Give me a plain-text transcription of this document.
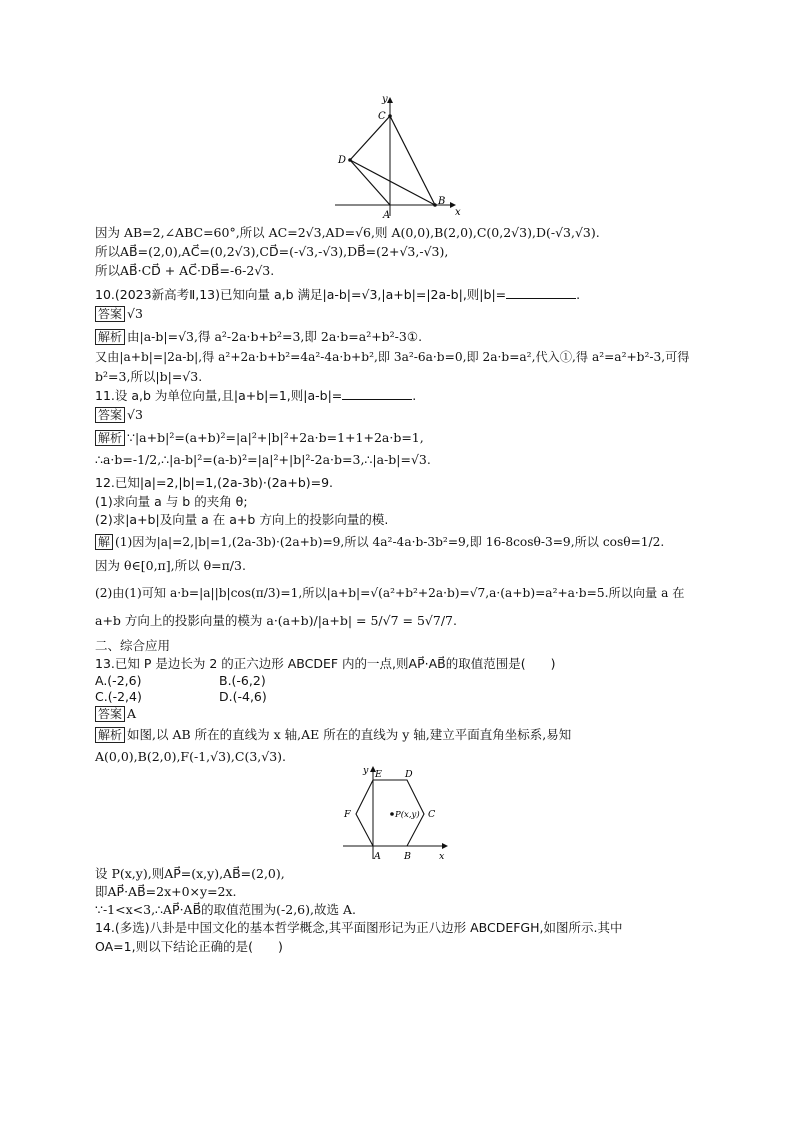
y
x
C
D
A
B
因为 AB=2,∠ABC=60°,所以 AC=2√3,AD=√6,则 A(0,0),B(2,0),C(0,2√3),D(-√3,√3).
所以AB⃗=(2,0),AC⃗=(0,2√3),CD⃗=(-√3,-√3),DB⃗=(2+√3,-√3),
所以AB⃗·CD⃗ + AC⃗·DB⃗=-6-2√3.
10.(2023新高考Ⅱ,13)已知向量 a,b 满足|a-b|=√3,|a+b|=|2a-b|,则|b|=	.
答案 √3
解析 由|a-b|=√3,得 a²-2a·b+b²=3,即 2a·b=a²+b²-3①.
又由|a+b|=|2a-b|,得 a²+2a·b+b²=4a²-4a·b+b²,即 3a²-6a·b=0,即 2a·b=a²,代入①,得 a²=a²+b²-3,可得
b²=3,所以|b|=√3.
11.设 a,b 为单位向量,且|a+b|=1,则|a-b|=	.
答案 √3
解析 ∵|a+b|²=(a+b)²=|a|²+|b|²+2a·b=1+1+2a·b=1,
∴a·b=-1/2,∴|a-b|²=(a-b)²=|a|²+|b|²-2a·b=3,∴|a-b|=√3.
12.已知|a|=2,|b|=1,(2a-3b)·(2a+b)=9.
(1)求向量 a 与 b 的夹角 θ;
(2)求|a+b|及向量 a 在 a+b 方向上的投影向量的模.
解 (1)因为|a|=2,|b|=1,(2a-3b)·(2a+b)=9,所以 4a²-4a·b-3b²=9,即 16-8cosθ-3=9,所以 cosθ=1/2.
因为 θ∈[0,π],所以 θ=π/3.
(2)由(1)可知 a·b=|a||b|cos(π/3)=1,所以|a+b|=√(a²+b²+2a·b)=√7,a·(a+b)=a²+a·b=5.所以向量 a 在
a+b 方向上的投影向量的模为 a·(a+b)/|a+b| = 5/√7 = 5√7/7.
二、综合应用
13.已知 P 是边长为 2 的正六边形 ABCDEF 内的一点,则AP⃗·AB⃗的取值范围是(　　)
A.(-2,6)	B.(-6,2)
C.(-2,4)	D.(-4,6)
答案 A
解析 如图,以 AB 所在的直线为 x 轴,AE 所在的直线为 y 轴,建立平面直角坐标系,易知
A(0,0),B(2,0),F(-1,√3),C(3,√3).
y
x
E D
F	C
A B
P(x,y)
设 P(x,y),则AP⃗=(x,y),AB⃗=(2,0),
即AP⃗·AB⃗=2x+0×y=2x.
∵-1<x<3,∴AP⃗·AB⃗的取值范围为(-2,6),故选 A.
14.(多选)八卦是中国文化的基本哲学概念,其平面图形记为正八边形 ABCDEFGH,如图所示.其中
OA=1,则以下结论正确的是(　　)
